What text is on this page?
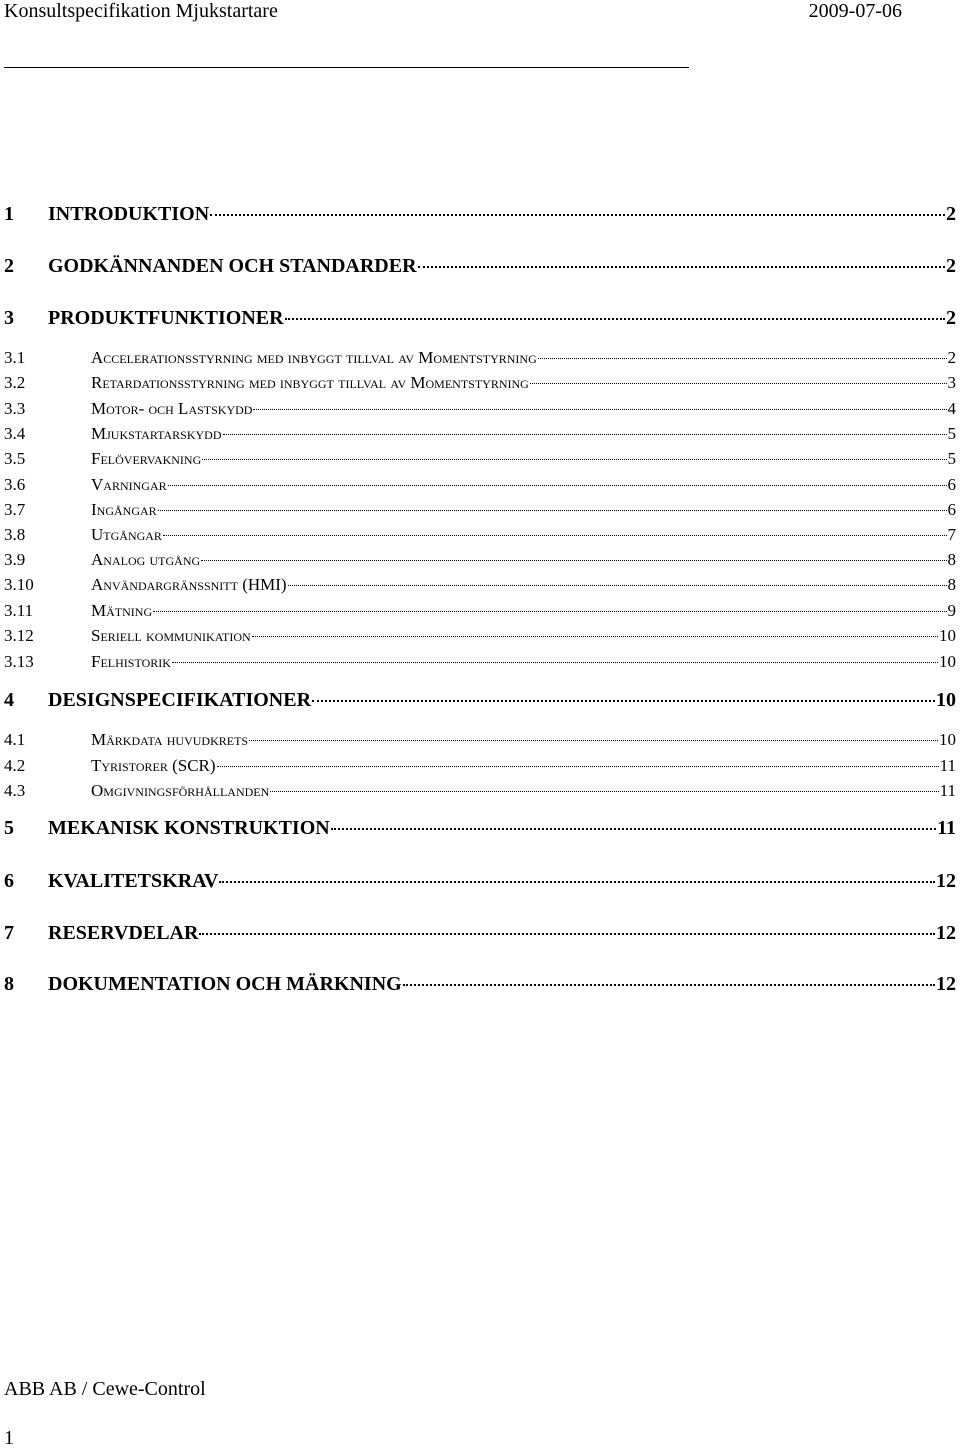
Konsultspecifikation Mjukstartare	2009-07-06
1	INTRODUKTION	2
2	GODKÄNNANDEN OCH STANDARDER	2
3	PRODUKTFUNKTIONER	2
3.1	Accelerationsstyrning med inbyggt tillval av Momentstyrning	2
3.2	Retardationsstyrning med inbyggt tillval av Momentstyrning	3
3.3	Motor- och Lastskydd	4
3.4	Mjukstartarskydd	5
3.5	Felövervakning	5
3.6	Varningar	6
3.7	Ingångar	6
3.8	Utgångar	7
3.9	Analog utgång	8
3.10	Användargränssnitt (HMI)	8
3.11	Mätning	9
3.12	Seriell kommunikation	10
3.13	Felhistorik	10
4	DESIGNSPECIFIKATIONER	10
4.1	Märkdata huvudkrets	10
4.2	Tyristorer (SCR)	11
4.3	Omgivningsförhållanden	11
5	MEKANISK KONSTRUKTION	11
6	KVALITETSKRAV	12
7	RESERVDELAR	12
8	DOKUMENTATION OCH MÄRKNING	12
ABB AB / Cewe-Control
1
